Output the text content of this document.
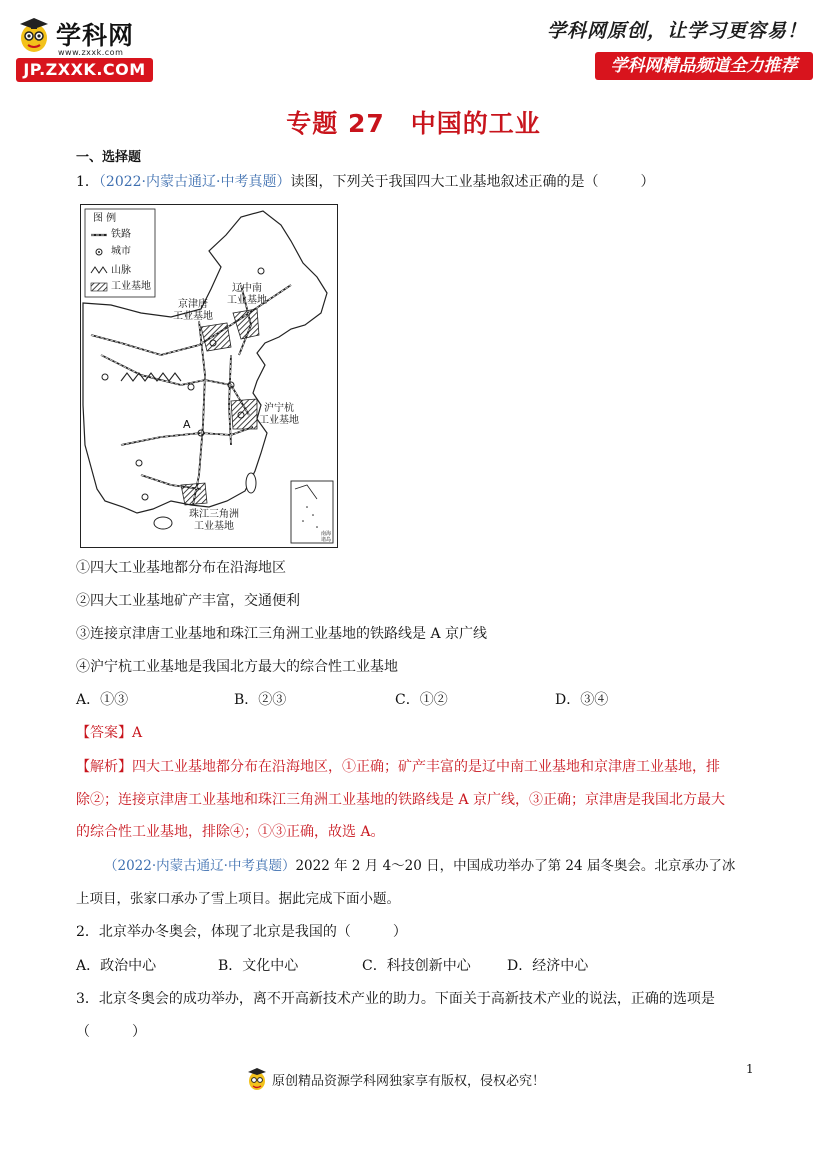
学科网
www.zxxk.com
JP.ZXXK.COM
学科网原创，让学习更容易！
学科网精品频道全力推荐
专题 27 中国的工业
一、选择题
1．（2022·内蒙古通辽·中考真题）读图，下列关于我国四大工业基地叙述正确的是（　　　）
图 例
铁路
城市
山脉
工业基地	辽中南
工业基地
京津唐
工业基地
沪宁杭
工业基地
珠江三角洲
工业基地
A
南海诸岛
①四大工业基地都分布在沿海地区
②四大工业基地矿产丰富，交通便利
③连接京津唐工业基地和珠江三角洲工业基地的铁路线是 A 京广线
④沪宁杭工业基地是我国北方最大的综合性工业基地
A．①③	B．②③	C．①②	D．③④
【答案】A
【解析】四大工业基地都分布在沿海地区，①正确；矿产丰富的是辽中南工业基地和京津唐工业基地，排
除②；连接京津唐工业基地和珠江三角洲工业基地的铁路线是 A 京广线，③正确；京津唐是我国北方最大
的综合性工业基地，排除④；①③正确，故选 A。
（2022·内蒙古通辽·中考真题）2022 年 2 月 4～20 日，中国成功举办了第 24 届冬奥会。北京承办了冰
上项目，张家口承办了雪上项目。据此完成下面小题。
2．北京举办冬奥会，体现了北京是我国的（　　　）
A．政治中心	B．文化中心	C．科技创新中心	D．经济中心
3．北京冬奥会的成功举办，离不开高新技术产业的助力。下面关于高新技术产业的说法，正确的选项是
（　　　）
原创精品资源学科网独家享有版权，侵权必究！
1
